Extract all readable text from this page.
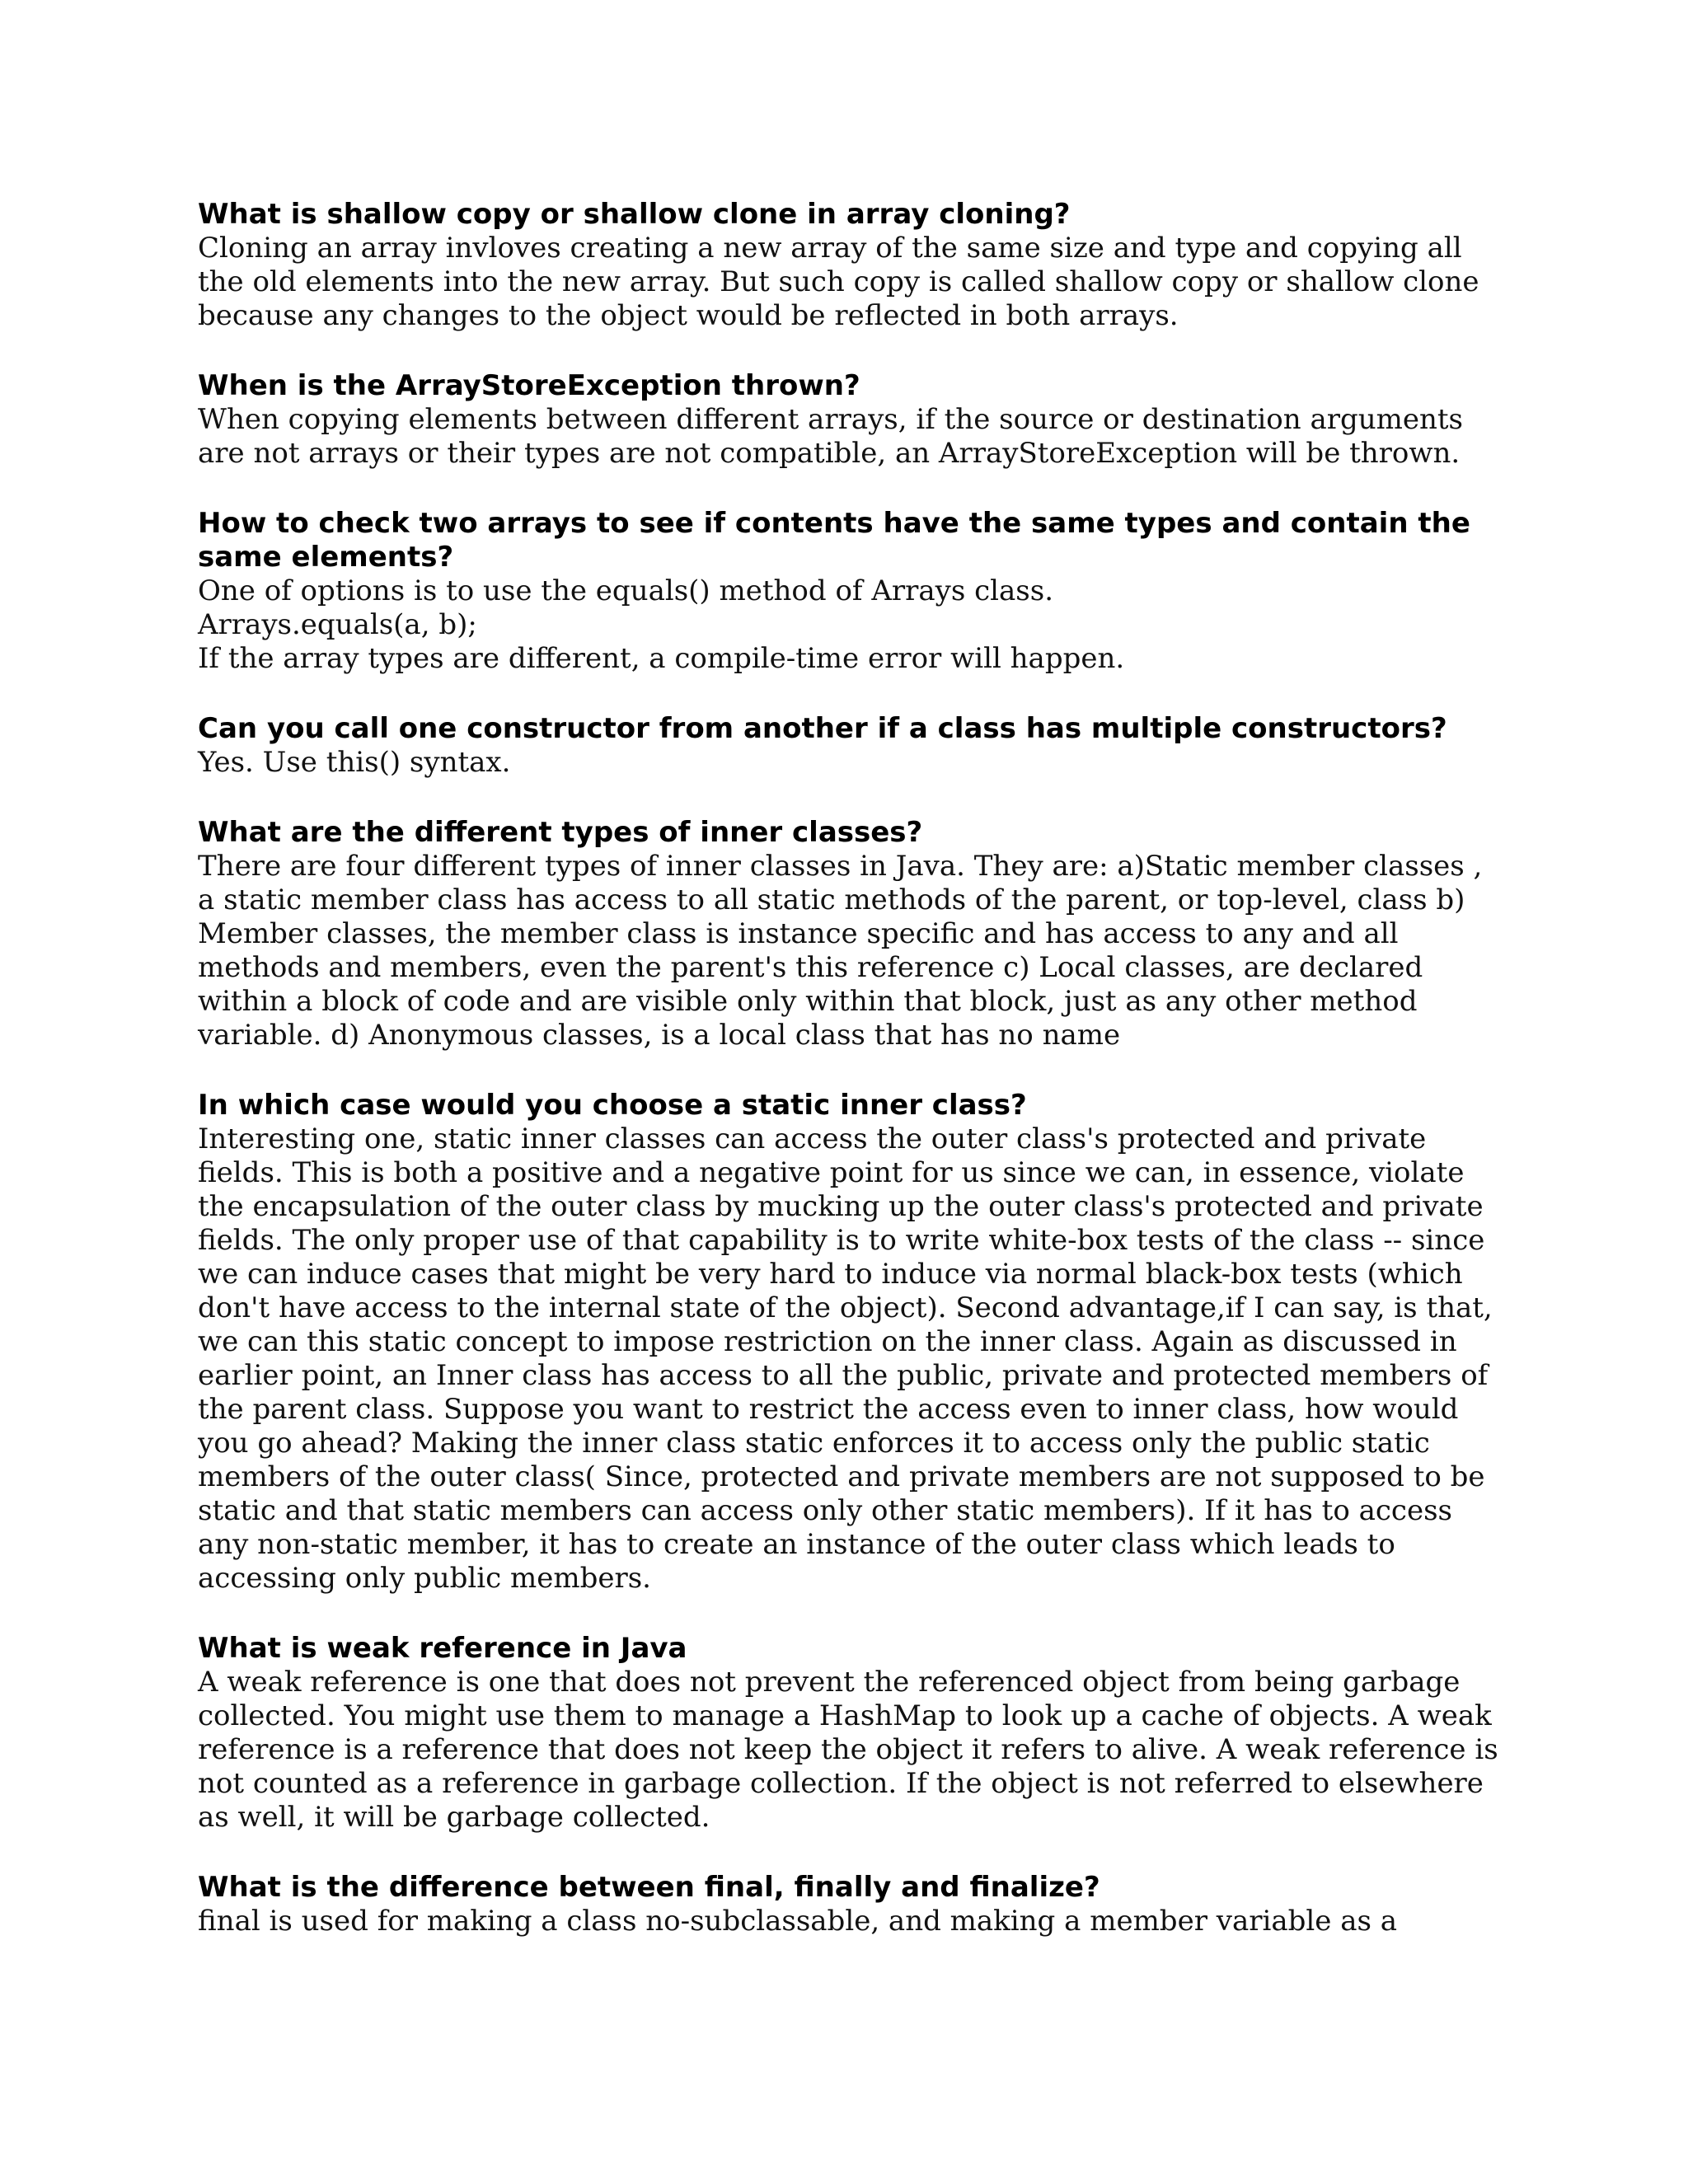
What is shallow copy or shallow clone in array cloning?

Cloning an array invloves creating a new array of the same size and type and copying all
the old elements into the new array. But such copy is called shallow copy or shallow clone
because any changes to the object would be reflected in both arrays.

When is the ArrayStoreException thrown?

When copying elements between different arrays, if the source or destination arguments
are not arrays or their types are not compatible, an ArrayStoreException will be thrown.

How to check two arrays to see if contents have the same types and contain the
same elements?

One of options is to use the equals() method of Arrays class.
Arrays.equals(a, b);
If the array types are different, a compile-time error will happen.

Can you call one constructor from another if a class has multiple constructors?

Yes. Use this() syntax.

What are the different types of inner classes?

There are four different types of inner classes in Java. They are: a)Static member classes ,
a static member class has access to all static methods of the parent, or top-level, class b)
Member classes, the member class is instance specific and has access to any and all
methods and members, even the parent's this reference c) Local classes, are declared
within a block of code and are visible only within that block, just as any other method
variable. d) Anonymous classes, is a local class that has no name

In which case would you choose a static inner class?

Interesting one, static inner classes can access the outer class's protected and private
fields. This is both a positive and a negative point for us since we can, in essence, violate
the encapsulation of the outer class by mucking up the outer class's protected and private
fields. The only proper use of that capability is to write white-box tests of the class -- since
we can induce cases that might be very hard to induce via normal black-box tests (which
don't have access to the internal state of the object). Second advantage,if I can say, is that,
we can this static concept to impose restriction on the inner class. Again as discussed in
earlier point, an Inner class has access to all the public, private and protected members of
the parent class. Suppose you want to restrict the access even to inner class, how would
you go ahead? Making the inner class static enforces it to access only the public static
members of the outer class( Since, protected and private members are not supposed to be
static and that static members can access only other static members). If it has to access
any non-static member, it has to create an instance of the outer class which leads to
accessing only public members.

What is weak reference in Java

A weak reference is one that does not prevent the referenced object from being garbage
collected. You might use them to manage a HashMap to look up a cache of objects. A weak
reference is a reference that does not keep the object it refers to alive. A weak reference is
not counted as a reference in garbage collection. If the object is not referred to elsewhere
as well, it will be garbage collected.

What is the difference between final, finally and finalize?

final is used for making a class no-subclassable, and making a member variable as a
